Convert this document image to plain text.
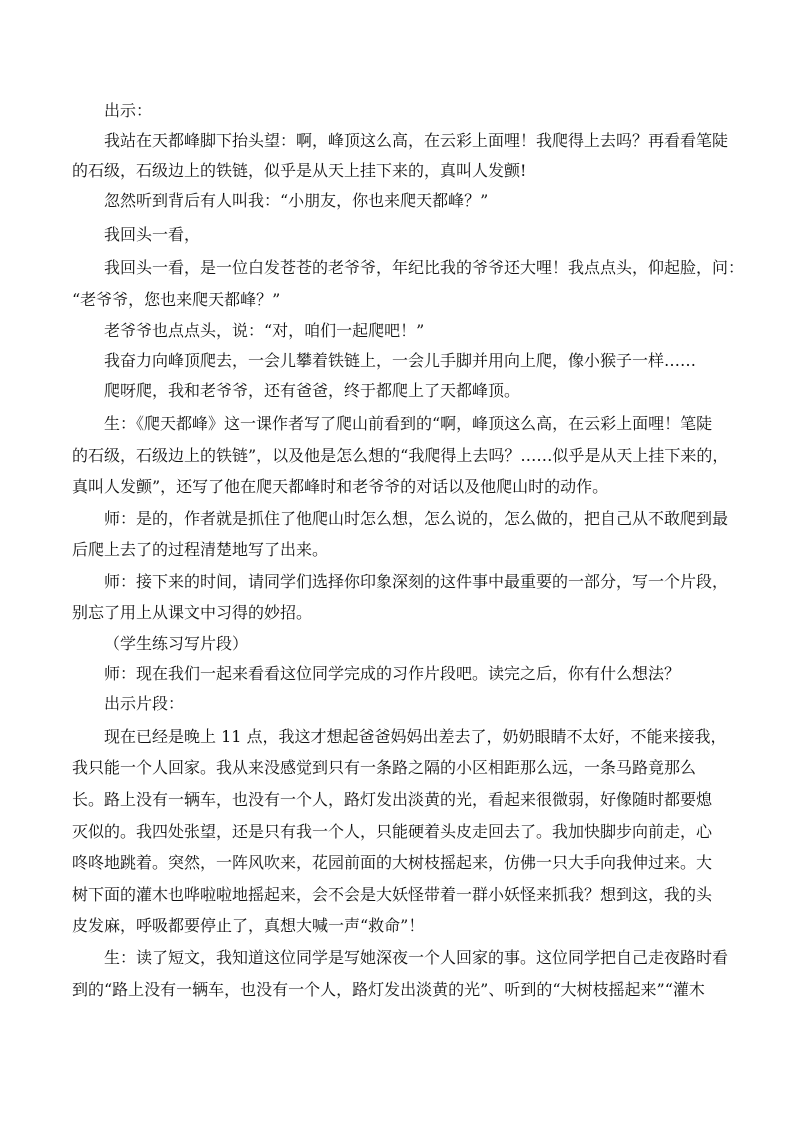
出示：
我站在天都峰脚下抬头望：啊，峰顶这么高，在云彩上面哩！我爬得上去吗？再看看笔陡
的石级，石级边上的铁链，似乎是从天上挂下来的，真叫人发颤!
忽然听到背后有人叫我：“小朋友，你也来爬天都峰？”
我回头一看，
我回头一看，是一位白发苍苍的老爷爷，年纪比我的爷爷还大哩！我点点头，仰起脸，问：
“老爷爷，您也来爬天都峰？”
老爷爷也点点头，说：“对，咱们一起爬吧！”
我奋力向峰顶爬去，一会儿攀着铁链上，一会儿手脚并用向上爬，像小猴子一样……
爬呀爬，我和老爷爷，还有爸爸，终于都爬上了天都峰顶。
生：《爬天都峰》这一课作者写了爬山前看到的“啊，峰顶这么高，在云彩上面哩！笔陡
的石级，石级边上的铁链”，以及他是怎么想的“我爬得上去吗？……似乎是从天上挂下来的，
真叫人发颤”，还写了他在爬天都峰时和老爷爷的对话以及他爬山时的动作。
师：是的，作者就是抓住了他爬山时怎么想，怎么说的，怎么做的，把自己从不敢爬到最
后爬上去了的过程清楚地写了出来。
师：接下来的时间，请同学们选择你印象深刻的这件事中最重要的一部分，写一个片段，
别忘了用上从课文中习得的妙招。
（学生练习写片段）
师：现在我们一起来看看这位同学完成的习作片段吧。读完之后，你有什么想法？
出示片段：
现在已经是晚上 11 点，我这才想起爸爸妈妈出差去了，奶奶眼睛不太好，不能来接我，
我只能一个人回家。我从来没感觉到只有一条路之隔的小区相距那么远，一条马路竟那么
长。路上没有一辆车，也没有一个人，路灯发出淡黄的光，看起来很微弱，好像随时都要熄
灭似的。我四处张望，还是只有我一个人，只能硬着头皮走回去了。我加快脚步向前走，心
咚咚地跳着。突然，一阵风吹来，花园前面的大树枝摇起来，仿佛一只大手向我伸过来。大
树下面的灌木也哗啦啦地摇起来，会不会是大妖怪带着一群小妖怪来抓我？想到这，我的头
皮发麻，呼吸都要停止了，真想大喊一声“救命”！
生：读了短文，我知道这位同学是写她深夜一个人回家的事。这位同学把自己走夜路时看
到的“路上没有一辆车，也没有一个人，路灯发出淡黄的光”、听到的“大树枝摇起来”“灌木
